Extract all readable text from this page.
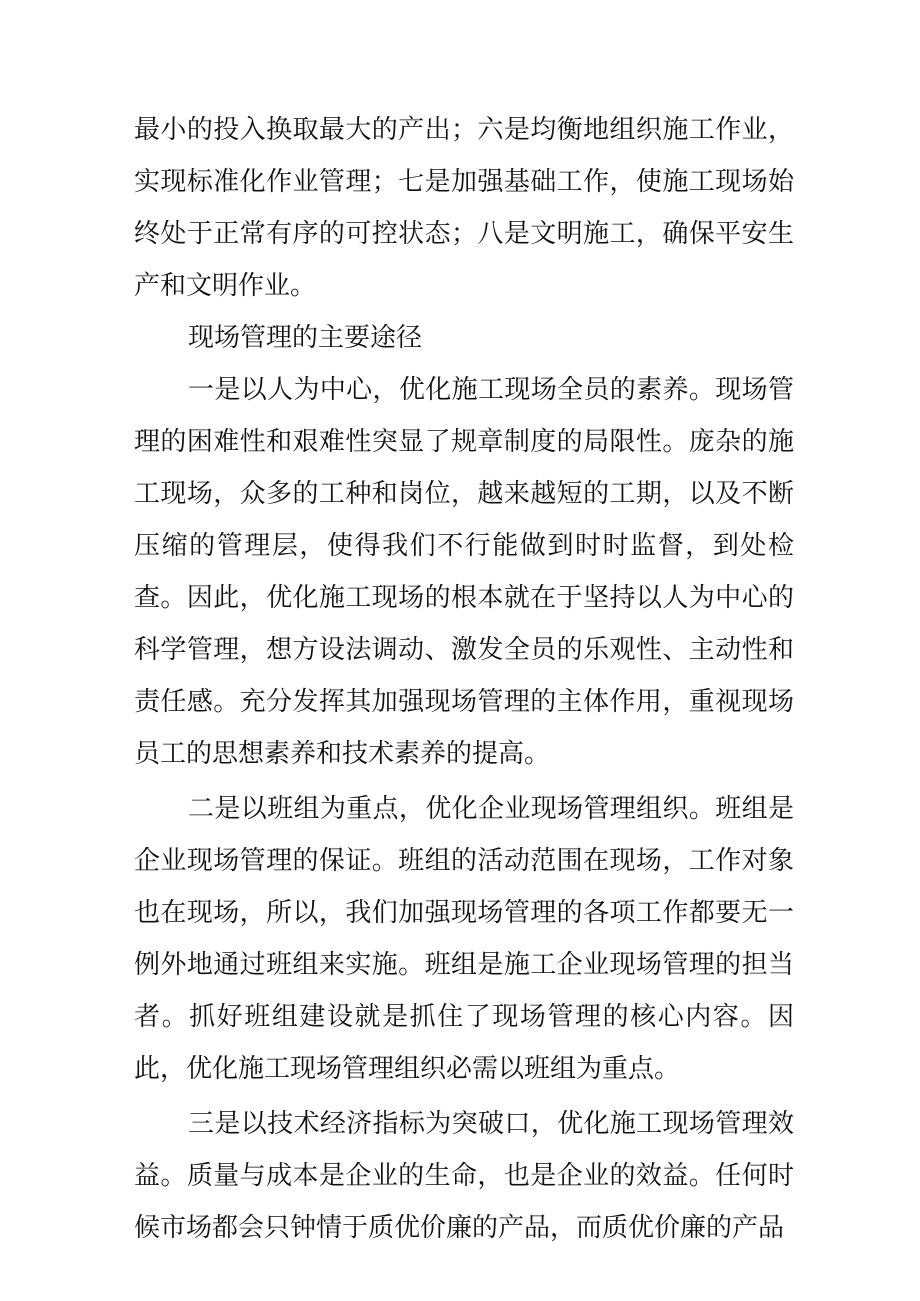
最小的投入换取最大的产出；六是均衡地组织施工作业，实现标准化作业管理；七是加强基础工作，使施工现场始终处于正常有序的可控状态；八是文明施工，确保平安生产和文明作业。

现场管理的主要途径

一是以人为中心，优化施工现场全员的素养。现场管理的困难性和艰难性突显了规章制度的局限性。庞杂的施工现场，众多的工种和岗位，越来越短的工期，以及不断压缩的管理层，使得我们不行能做到时时监督，到处检查。因此，优化施工现场的根本就在于坚持以人为中心的科学管理，想方设法调动、激发全员的乐观性、主动性和责任感。充分发挥其加强现场管理的主体作用，重视现场员工的思想素养和技术素养的提高。

二是以班组为重点，优化企业现场管理组织。班组是企业现场管理的保证。班组的活动范围在现场，工作对象也在现场，所以，我们加强现场管理的各项工作都要无一例外地通过班组来实施。班组是施工企业现场管理的担当者。抓好班组建设就是抓住了现场管理的核心内容。因此，优化施工现场管理组织必需以班组为重点。

三是以技术经济指标为突破口，优化施工现场管理效益。质量与成本是企业的生命，也是企业的效益。任何时候市场都会只钟情于质优价廉的产品，而质优价廉的产品
